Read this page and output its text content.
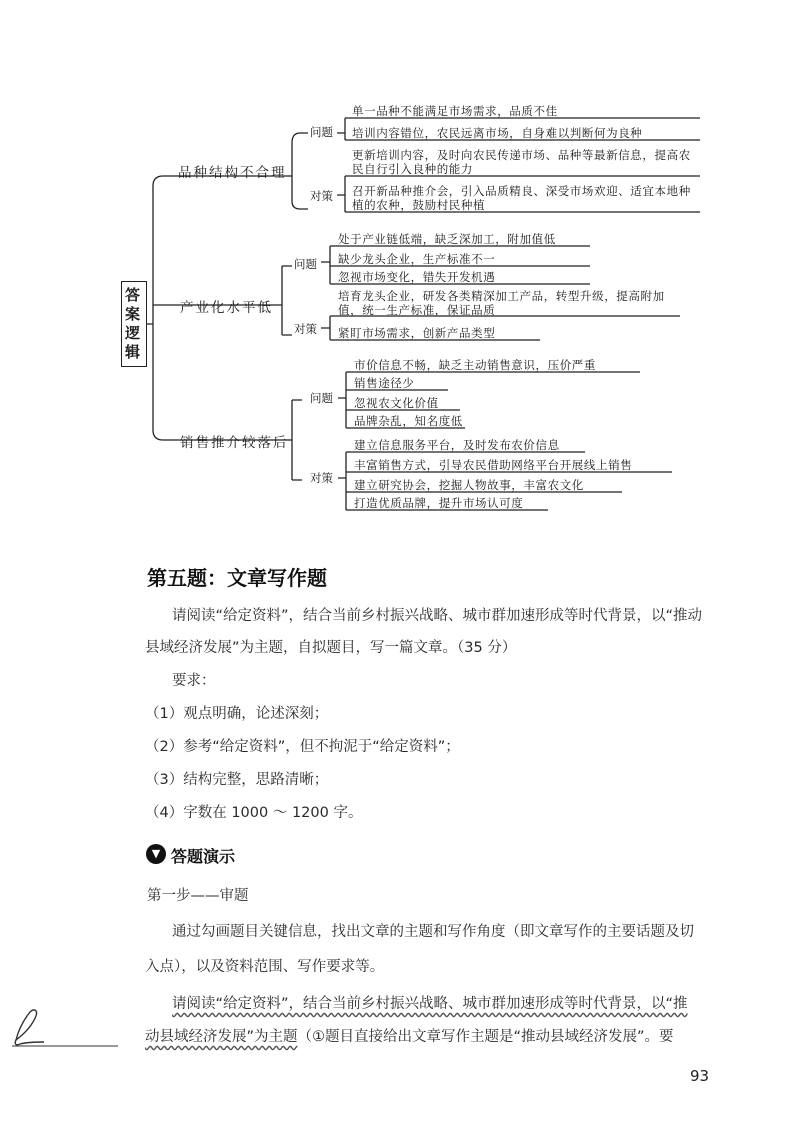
答案逻辑
品种结构不合理
问题
对策
单一品种不能满足市场需求，品质不佳
培训内容错位，农民远离市场，自身难以判断何为良种
更新培训内容，及时向农民传递市场、品种等最新信息，提高农民自行引入良种的能力
召开新品种推介会，引入品质精良、深受市场欢迎、适宜本地种植的农种，鼓励村民种植
产业化水平低
问题
对策
处于产业链低端，缺乏深加工，附加值低
缺少龙头企业，生产标准不一
忽视市场变化，错失开发机遇
培育龙头企业，研发各类精深加工产品，转型升级，提高附加值，统一生产标准，保证品质
紧盯市场需求，创新产品类型
销售推介较落后
问题
对策
市价信息不畅，缺乏主动销售意识，压价严重
销售途径少
忽视农文化价值
品牌杂乱，知名度低
建立信息服务平台，及时发布农价信息
丰富销售方式，引导农民借助网络平台开展线上销售
建立研究协会，挖掘人物故事，丰富农文化
打造优质品牌，提升市场认可度
第五题：文章写作题
请阅读“给定资料”，结合当前乡村振兴战略、城市群加速形成等时代背景，以“推动
县域经济发展”为主题，自拟题目，写一篇文章。（35 分）
要求：
（1）观点明确，论述深刻；
（2）参考“给定资料”，但不拘泥于“给定资料”；
（3）结构完整，思路清晰；
（4）字数在 1000 ～ 1200 字。
▼ 答题演示
第一步——审题
通过勾画题目关键信息，找出文章的主题和写作角度（即文章写作的主要话题及切
入点），以及资料范围、写作要求等。
请阅读“给定资料”，结合当前乡村振兴战略、城市群加速形成等时代背景，以“推
动县域经济发展”为主题（①题目直接给出文章写作主题是“推动县域经济发展”。要
93
